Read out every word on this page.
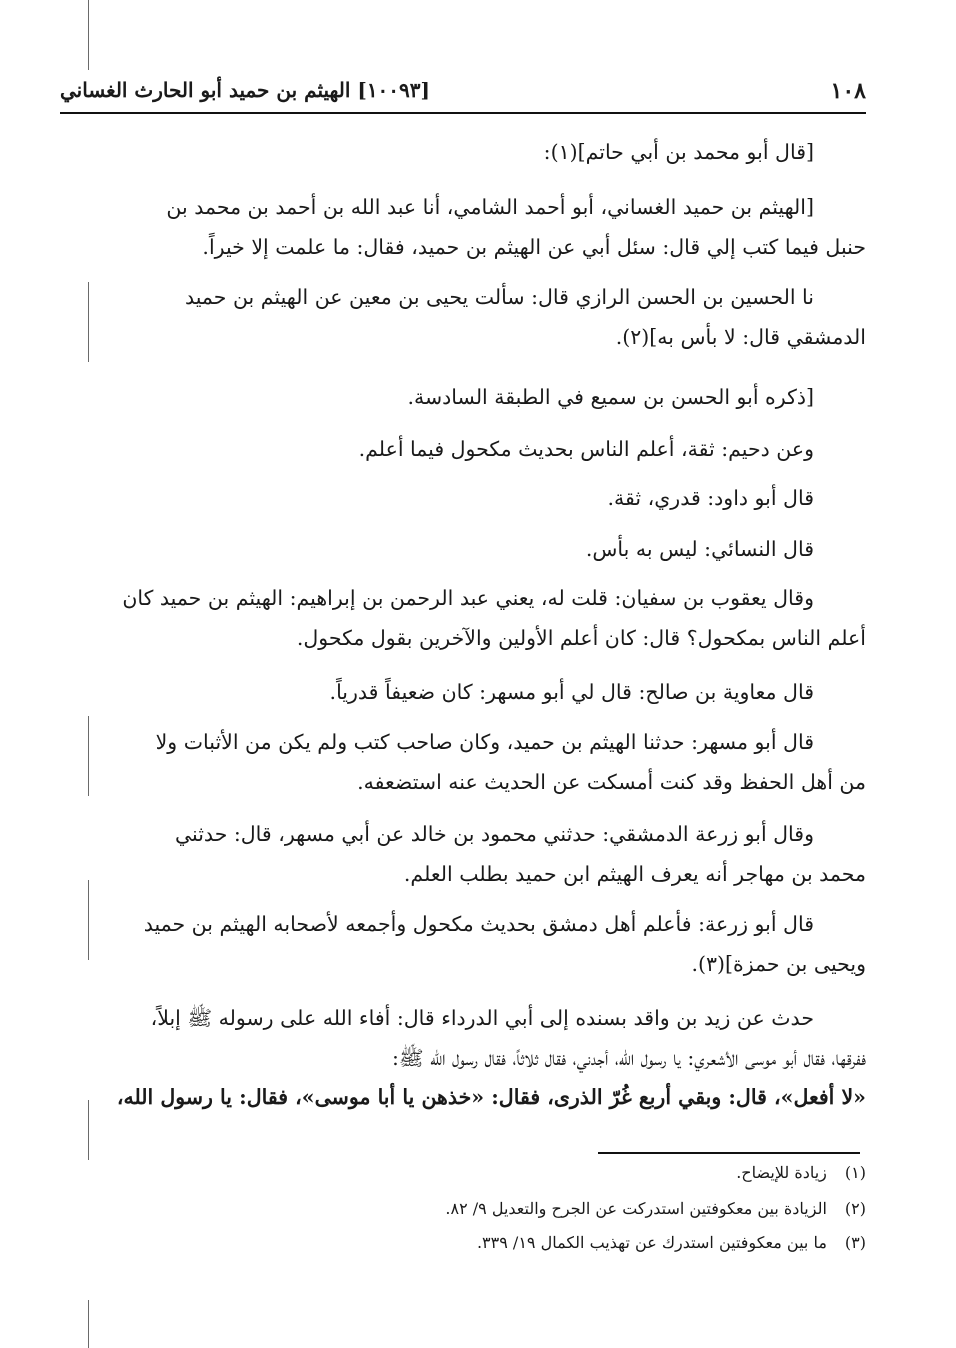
١٠٨
[١٠٠٩٣] الهيثم بن حميد أبو الحارث الغساني

[قال أبو محمد بن أبي حاتم](١):

[الهيثم بن حميد الغساني، أبو أحمد الشامي، أنا عبد الله بن أحمد بن محمد بن

حنبل فيما كتب إلي قال: سئل أبي عن الهيثم بن حميد، فقال: ما علمت إلا خيراً.

نا الحسين بن الحسن الرازي قال: سألت يحيى بن معين عن الهيثم بن حميد

الدمشقي قال: لا بأس به](٢).

[ذكره أبو الحسن بن سميع في الطبقة السادسة.

وعن دحيم: ثقة، أعلم الناس بحديث مكحول فيما أعلم.

قال أبو داود: قدري، ثقة.

قال النسائي: ليس به بأس.

وقال يعقوب بن سفيان: قلت له، يعني عبد الرحمن بن إبراهيم: الهيثم بن حميد كان

أعلم الناس بمكحول؟ قال: كان أعلم الأولين والآخرين بقول مكحول.

قال معاوية بن صالح: قال لي أبو مسهر: كان ضعيفاً قدرياً.

قال أبو مسهر: حدثنا الهيثم بن حميد، وكان صاحب كتب ولم يكن من الأثبات ولا

من أهل الحفظ وقد كنت أمسكت عن الحديث عنه استضعفه.

وقال أبو زرعة الدمشقي: حدثني محمود بن خالد عن أبي مسهر، قال: حدثني

محمد بن مهاجر أنه يعرف الهيثم ابن حميد بطلب العلم.

قال أبو زرعة: فأعلم أهل دمشق بحديث مكحول وأجمعه لأصحابه الهيثم بن حميد

ويحيى بن حمزة](٣).

حدث عن زيد بن واقد بسنده إلى أبي الدرداء قال: أفاء الله على رسوله ﷺ إبلاً،

ففرقها، فقال أبو موسى الأشعري: يا رسول الله، أجدني، فقال ثلاثاً، فقال رسول الله ﷺ:

«لا أفعل»، قال: وبقي أربع غُرّ الذرى، فقال: «خذهن يا أبا موسى»، فقال: يا رسول الله،

(١) زيادة للإيضاح.
(٢) الزيادة بين معكوفتين استدركت عن الجرح والتعديل ٩/ ٨٢.
(٣) ما بين معكوفتين استدرك عن تهذيب الكمال ١٩/ ٣٣٩.
